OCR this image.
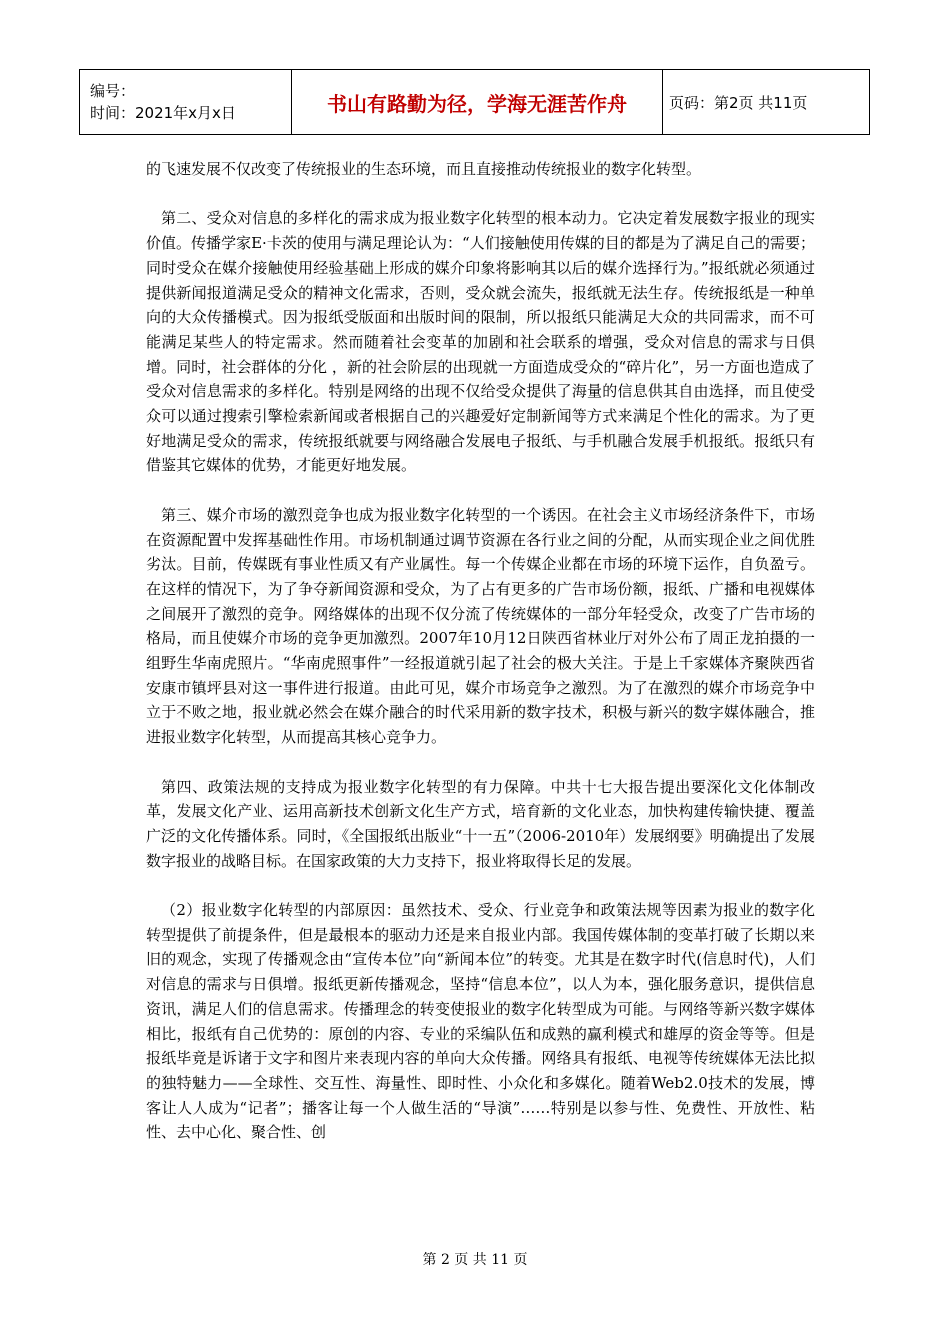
编号：
时间：2021年x月x日	书山有路勤为径，学海无涯苦作舟	页码：第2页 共11页

的飞速发展不仅改变了传统报业的生态环境，而且直接推动传统报业的数字化转型。

第二、受众对信息的多样化的需求成为报业数字化转型的根本动力。它决定着发展数字报业的现实价值。传播学家E·卡茨的使用与满足理论认为：“人们接触使用传媒的目的都是为了满足自己的需要；同时受众在媒介接触使用经验基础上形成的媒介印象将影响其以后的媒介选择行为。”报纸就必须通过提供新闻报道满足受众的精神文化需求，否则，受众就会流失，报纸就无法生存。传统报纸是一种单向的大众传播模式。因为报纸受版面和出版时间的限制，所以报纸只能满足大众的共同需求，而不可能满足某些人的特定需求。然而随着社会变革的加剧和社会联系的增强，受众对信息的需求与日俱增。同时，社会群体的分化 ，新的社会阶层的出现就一方面造成受众的“碎片化”，另一方面也造成了受众对信息需求的多样化。特别是网络的出现不仅给受众提供了海量的信息供其自由选择，而且使受众可以通过搜索引擎检索新闻或者根据自己的兴趣爱好定制新闻等方式来满足个性化的需求。为了更好地满足受众的需求，传统报纸就要与网络融合发展电子报纸、与手机融合发展手机报纸。报纸只有借鉴其它媒体的优势，才能更好地发展。

第三、媒介市场的激烈竞争也成为报业数字化转型的一个诱因。在社会主义市场经济条件下，市场在资源配置中发挥基础性作用。市场机制通过调节资源在各行业之间的分配，从而实现企业之间优胜劣汰。目前，传媒既有事业性质又有产业属性。每一个传媒企业都在市场的环境下运作，自负盈亏。在这样的情况下，为了争夺新闻资源和受众，为了占有更多的广告市场份额，报纸、广播和电视媒体之间展开了激烈的竞争。网络媒体的出现不仅分流了传统媒体的一部分年轻受众，改变了广告市场的格局，而且使媒介市场的竞争更加激烈。2007年10月12日陕西省林业厅对外公布了周正龙拍摄的一组野生华南虎照片。“华南虎照事件”一经报道就引起了社会的极大关注。于是上千家媒体齐聚陕西省安康市镇坪县对这一事件进行报道。由此可见，媒介市场竞争之激烈。为了在激烈的媒介市场竞争中立于不败之地，报业就必然会在媒介融合的时代采用新的数字技术，积极与新兴的数字媒体融合，推进报业数字化转型，从而提高其核心竞争力。

第四、政策法规的支持成为报业数字化转型的有力保障。中共十七大报告提出要深化文化体制改革，发展文化产业、运用高新技术创新文化生产方式，培育新的文化业态，加快构建传输快捷、覆盖广泛的文化传播体系。同时，《全国报纸出版业“十一五”（2006-2010年）发展纲要》明确提出了发展数字报业的战略目标。在国家政策的大力支持下，报业将取得长足的发展。

（2）报业数字化转型的内部原因：虽然技术、受众、行业竞争和政策法规等因素为报业的数字化转型提供了前提条件，但是最根本的驱动力还是来自报业内部。我国传媒体制的变革打破了长期以来旧的观念，实现了传播观念由“宣传本位”向“新闻本位”的转变。尤其是在数字时代(信息时代)，人们对信息的需求与日俱增。报纸更新传播观念，坚持“信息本位”，以人为本，强化服务意识，提供信息资讯，满足人们的信息需求。传播理念的转变使报业的数字化转型成为可能。与网络等新兴数字媒体相比，报纸有自己优势的：原创的内容、专业的采编队伍和成熟的赢利模式和雄厚的资金等等。但是报纸毕竟是诉诸于文字和图片来表现内容的单向大众传播。网络具有报纸、电视等传统媒体无法比拟的独特魅力——全球性、交互性、海量性、即时性、小众化和多媒化。随着Web2.0技术的发展，博客让人人成为“记者”；播客让每一个人做生活的“导演”……特别是以参与性、免费性、开放性、粘性、去中心化、聚合性、创

第 2 页 共 11 页
